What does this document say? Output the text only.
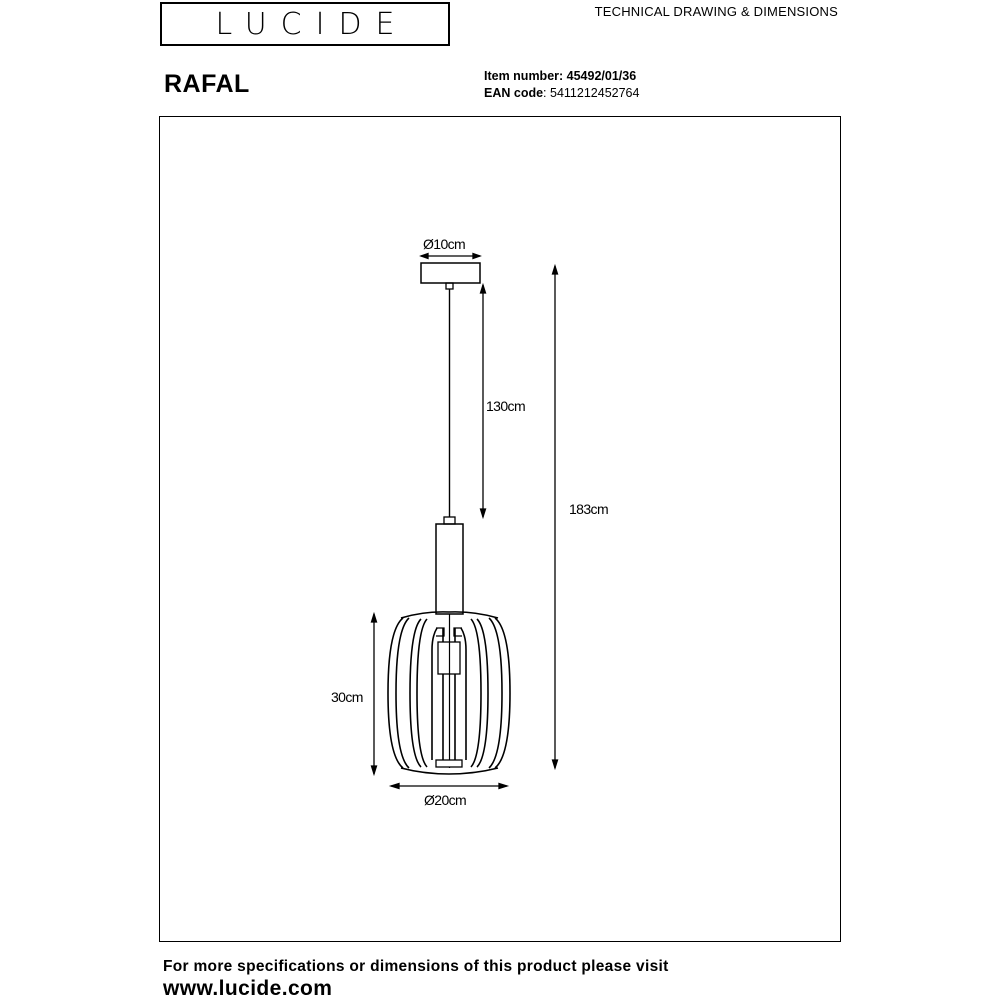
LUCIDE	TECHNICAL DRAWING & DIMENSIONS
RAFAL	Item number: 45492/01/36
EAN code: 5411212452764
Ø10cm
130cm
183cm
30cm
Ø20cm
For more specifications or dimensions of this product please visit
www.lucide.com
